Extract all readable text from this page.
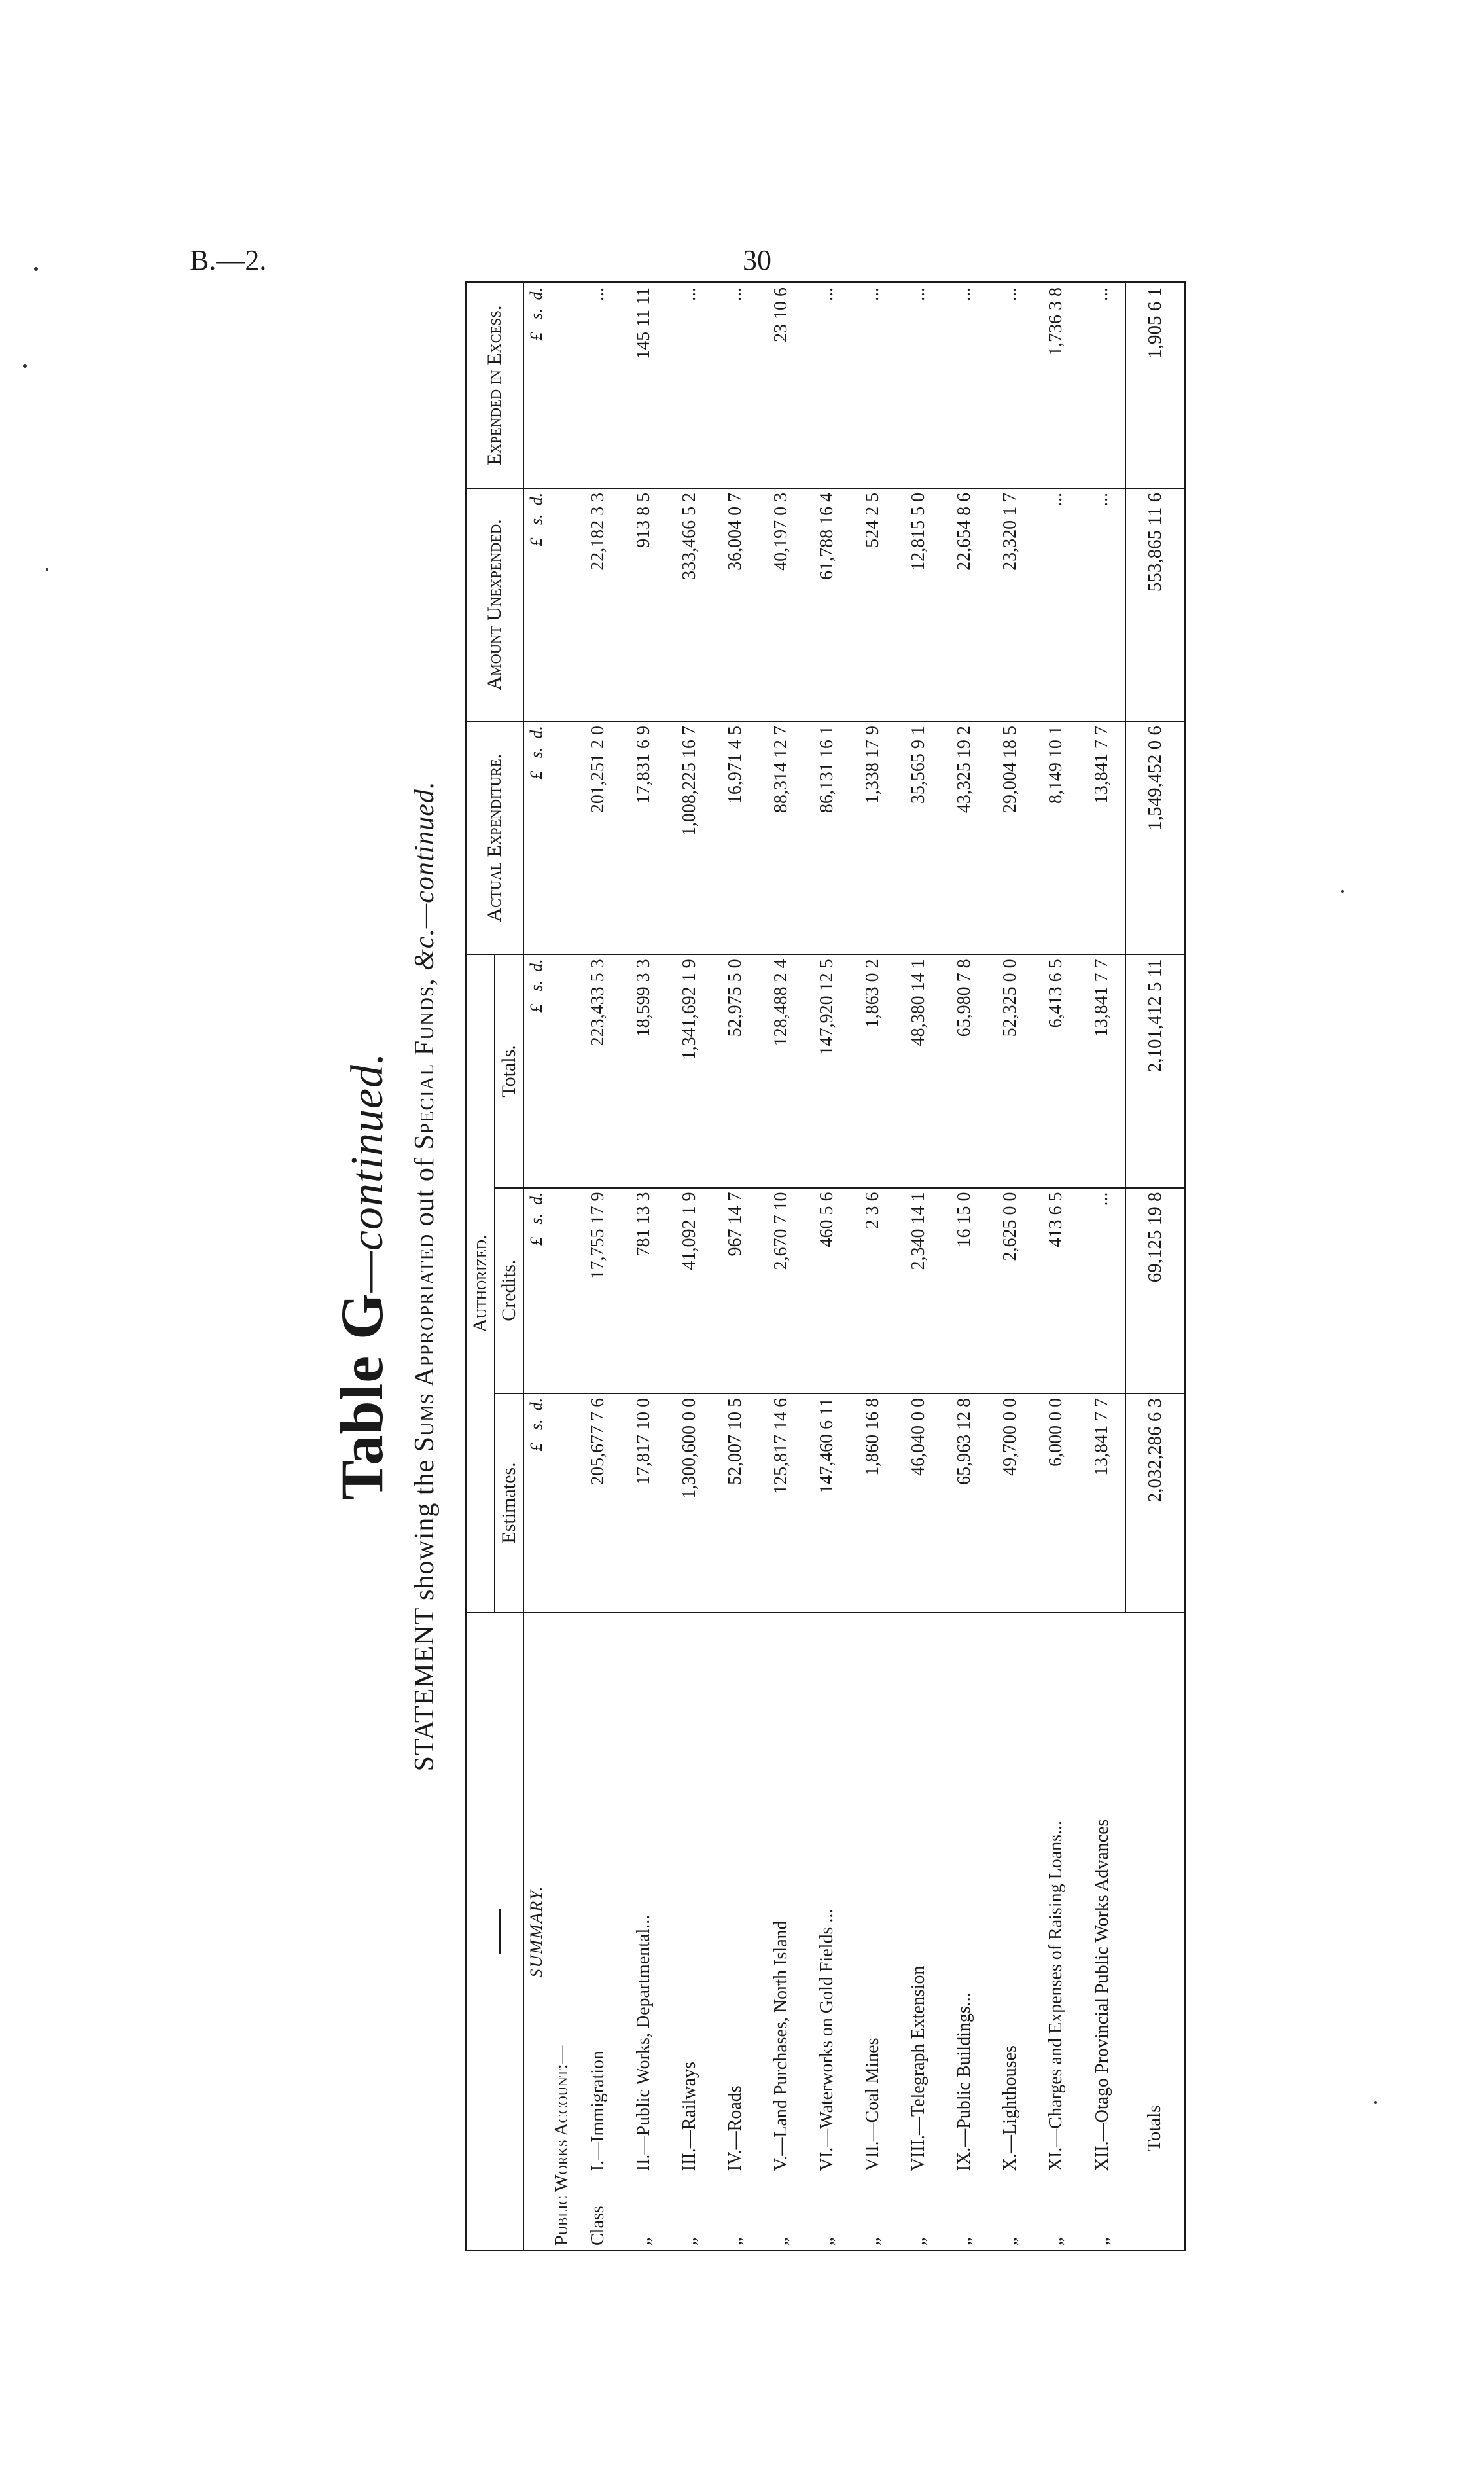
B.—2.	30
Table G—continued.
STATEMENT showing the Sums Appropriated out of Special Funds, &c.—continued.
		Authorized.			Actual Expenditure.	Amount Unexpended.	Expended in Excess.
		Estimates.	Credits.	Totals.			
SUMMARY.		£   s.  d.	£   s.  d.	£   s.  d.	£   s.  d.	£   s.  d.	£   s.  d.
Public Works Account:—							
Class	I.—Immigration	205,677 7 6	17,755 17 9	223,433 5 3	201,251 2 0	22,182 3 3	...
„	II.—Public Works, Departmental...	17,817 10 0	781 13 3	18,599 3 3	17,831 6 9	913 8 5	145 11 11
„	III.—Railways	1,300,600 0 0	41,092 1 9	1,341,692 1 9	1,008,225 16 7	333,466 5 2	...
„	IV.—Roads	52,007 10 5	967 14 7	52,975 5 0	16,971 4 5	36,004 0 7	...
„	V.—Land Purchases, North Island	125,817 14 6	2,670 7 10	128,488 2 4	88,314 12 7	40,197 0 3	23 10 6
„	VI.—Waterworks on Gold Fields ...	147,460 6 11	460 5 6	147,920 12 5	86,131 16 1	61,788 16 4	...
„	VII.—Coal Mines	1,860 16 8	2 3 6	1,863 0 2	1,338 17 9	524 2 5	...
„	VIII.—Telegraph Extension	46,040 0 0	2,340 14 1	48,380 14 1	35,565 9 1	12,815 5 0	...
„	IX.—Public Buildings...	65,963 12 8	16 15 0	65,980 7 8	43,325 19 2	22,654 8 6	...
„	X.—Lighthouses	49,700 0 0	2,625 0 0	52,325 0 0	29,004 18 5	23,320 1 7	...
„	XI.—Charges and Expenses of Raising Loans...	6,000 0 0	413 6 5	6,413 6 5	8,149 10 1	...	1,736 3 8
„	XII.—Otago Provincial Public Works Advances	13,841 7 7	...	13,841 7 7	13,841 7 7	...	...
Totals		2,032,286 6 3	69,125 19 8	2,101,412 5 11	1,549,452 0 6	553,865 11 6	1,905 6 1
